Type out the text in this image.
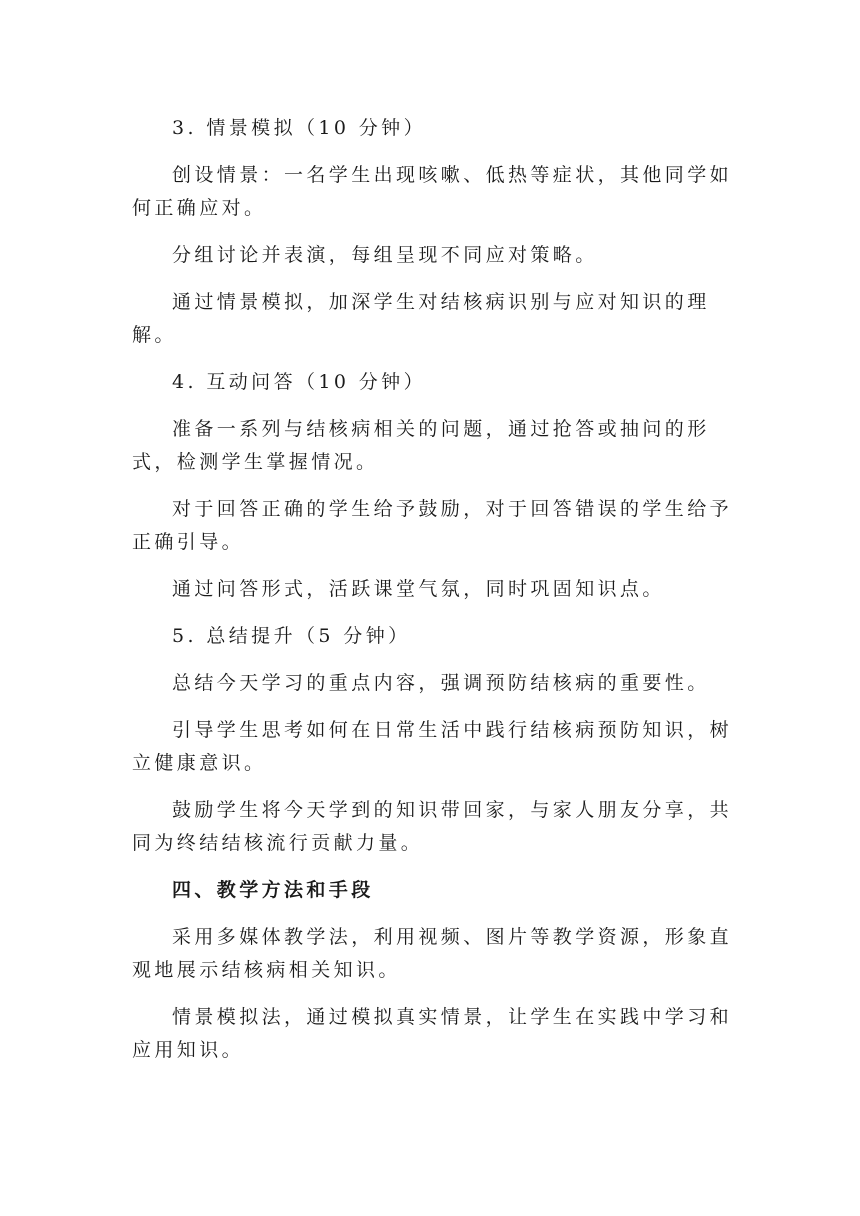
3. 情景模拟（10 分钟）

创设情景：一名学生出现咳嗽、低热等症状，其他同学如何正确应对。

分组讨论并表演，每组呈现不同应对策略。

通过情景模拟，加深学生对结核病识别与应对知识的理解。

4. 互动问答（10 分钟）

准备一系列与结核病相关的问题，通过抢答或抽问的形式，检测学生掌握情况。

对于回答正确的学生给予鼓励，对于回答错误的学生给予正确引导。

通过问答形式，活跃课堂气氛，同时巩固知识点。

5. 总结提升（5 分钟）

总结今天学习的重点内容，强调预防结核病的重要性。

引导学生思考如何在日常生活中践行结核病预防知识，树立健康意识。

鼓励学生将今天学到的知识带回家，与家人朋友分享，共同为终结结核流行贡献力量。

四、教学方法和手段

采用多媒体教学法，利用视频、图片等教学资源，形象直观地展示结核病相关知识。

情景模拟法，通过模拟真实情景，让学生在实践中学习和应用知识。
